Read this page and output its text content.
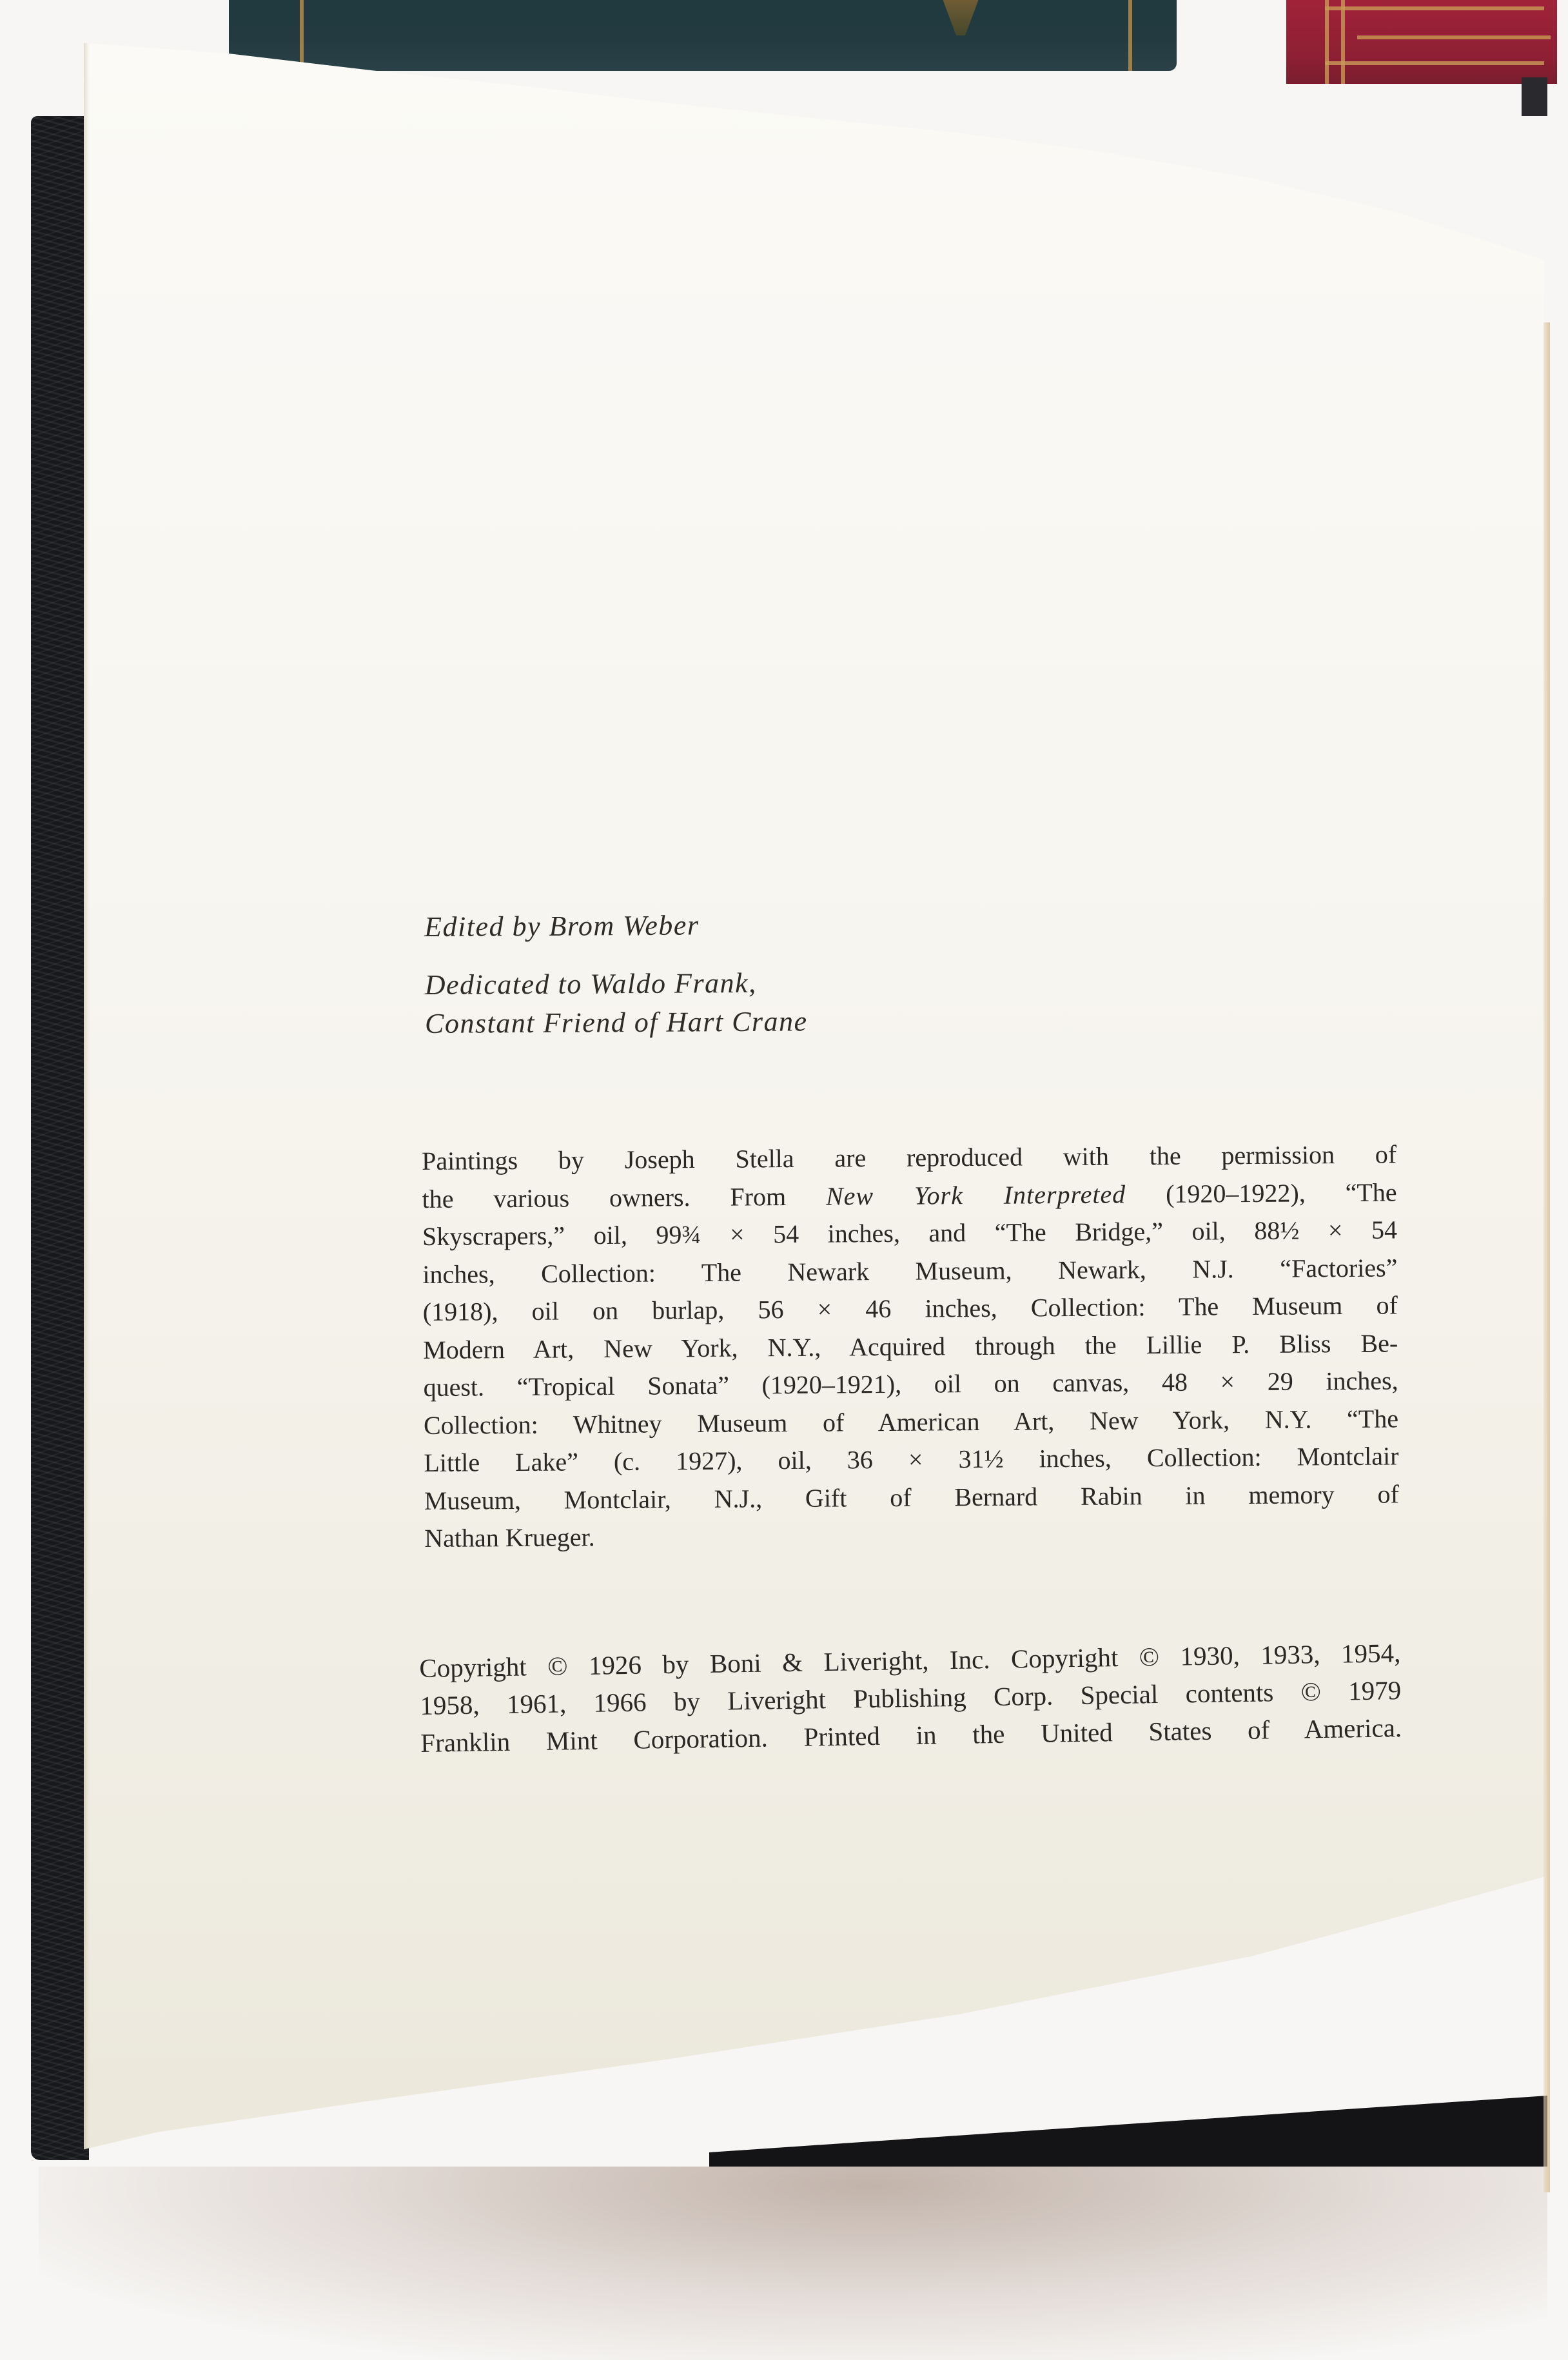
Edited by Brom Weber
Dedicated to Waldo Frank,
Constant Friend of Hart Crane
Paintings by Joseph Stella are reproduced with the permission of
the various owners. From New York Interpreted (1920–1922), “The
Skyscrapers,” oil, 99¾ × 54 inches, and “The Bridge,” oil, 88½ × 54
inches, Collection: The Newark Museum, Newark, N.J. “Factories”
(1918), oil on burlap, 56 × 46 inches, Collection: The Museum of
Modern Art, New York, N.Y., Acquired through the Lillie P. Bliss Be-
quest. “Tropical Sonata” (1920–1921), oil on canvas, 48 × 29 inches,
Collection: Whitney Museum of American Art, New York, N.Y. “The
Little Lake” (c. 1927), oil, 36 × 31½ inches, Collection: Montclair
Museum, Montclair, N.J., Gift of Bernard Rabin in memory of
Nathan Krueger.
Copyright © 1926 by Boni & Liveright, Inc. Copyright © 1930, 1933, 1954,
1958, 1961, 1966 by Liveright Publishing Corp. Special contents © 1979
Franklin Mint Corporation. Printed in the United States of America.
